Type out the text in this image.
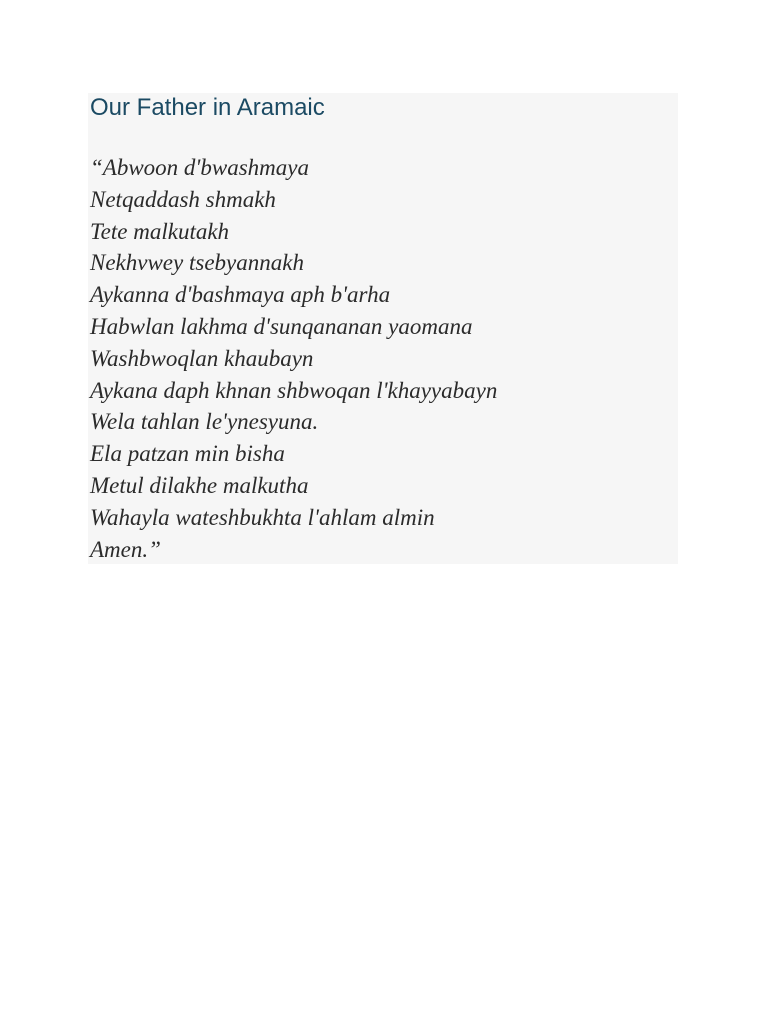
Our Father in Aramaic
“Abwoon d'bwashmaya
Netqaddash shmakh
Tete malkutakh
Nekhvwey tsebyannakh
Aykanna d'bashmaya aph b'arha
Habwlan lakhma d'sunqananan yaomana
Washbwoqlan khaubayn
Aykana daph khnan shbwoqan l'khayyabayn
Wela tahlan le'ynesyuna.
Ela patzan min bisha
Metul dilakhe malkutha
Wahayla wateshbukhta l'ahlam almin
Amen.”
